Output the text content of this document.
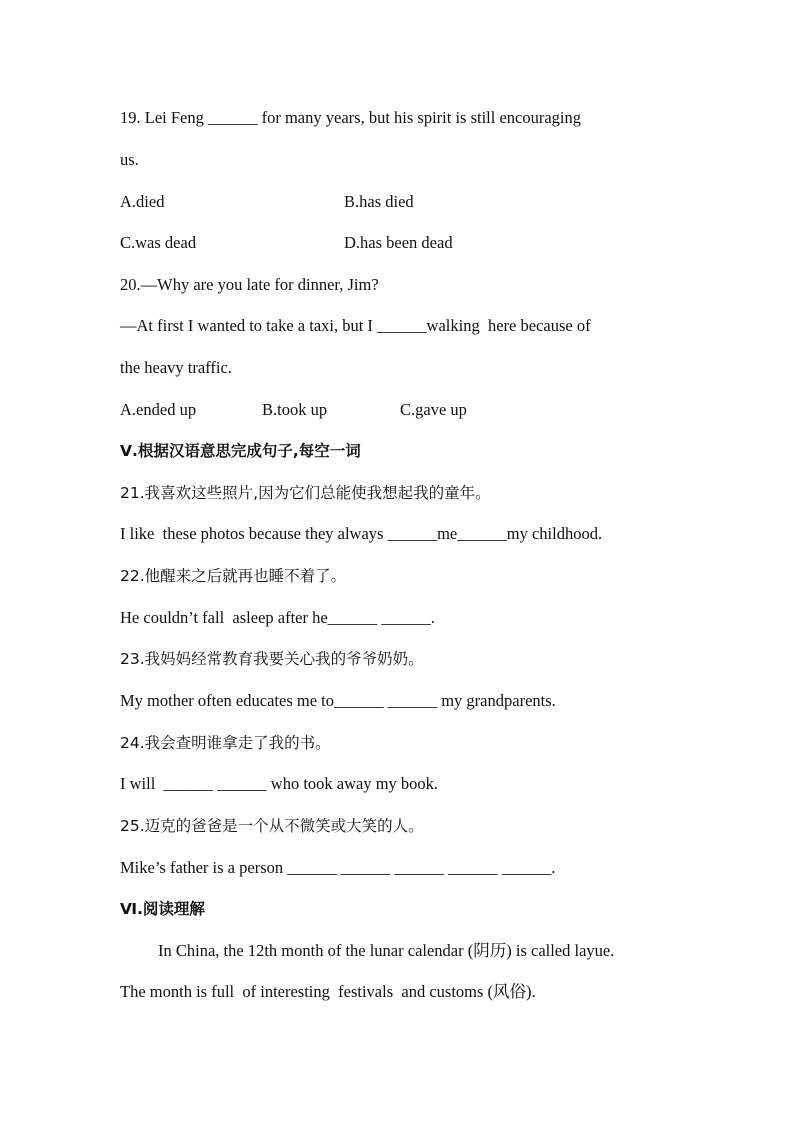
19. Lei Feng ______ for many years, but his spirit is still encouraging
us.
A.died	B.has died
C.was dead	D.has been dead
20.—Why are you late for dinner, Jim?
—At first I wanted to take a taxi, but I ______walking  here because of
the heavy traffic.
A.ended up	B.took up	C.gave up
Ⅴ.根据汉语意思完成句子,每空一词
21.我喜欢这些照片,因为它们总能使我想起我的童年。
I like  these photos because they always ______me______my childhood.
22.他醒来之后就再也睡不着了。
He couldn’t fall  asleep after he______ ______.
23.我妈妈经常教育我要关心我的爷爷奶奶。
My mother often educates me to______ ______ my grandparents.
24.我会查明谁拿走了我的书。
I will  ______ ______ who took away my book.
25.迈克的爸爸是一个从不微笑或大笑的人。
Mike’s father is a person ______ ______ ______ ______ ______.
Ⅵ.阅读理解
In China, the 12th month of the lunar calendar (阴历) is called layue.
The month is full  of interesting  festivals  and customs (风俗).
